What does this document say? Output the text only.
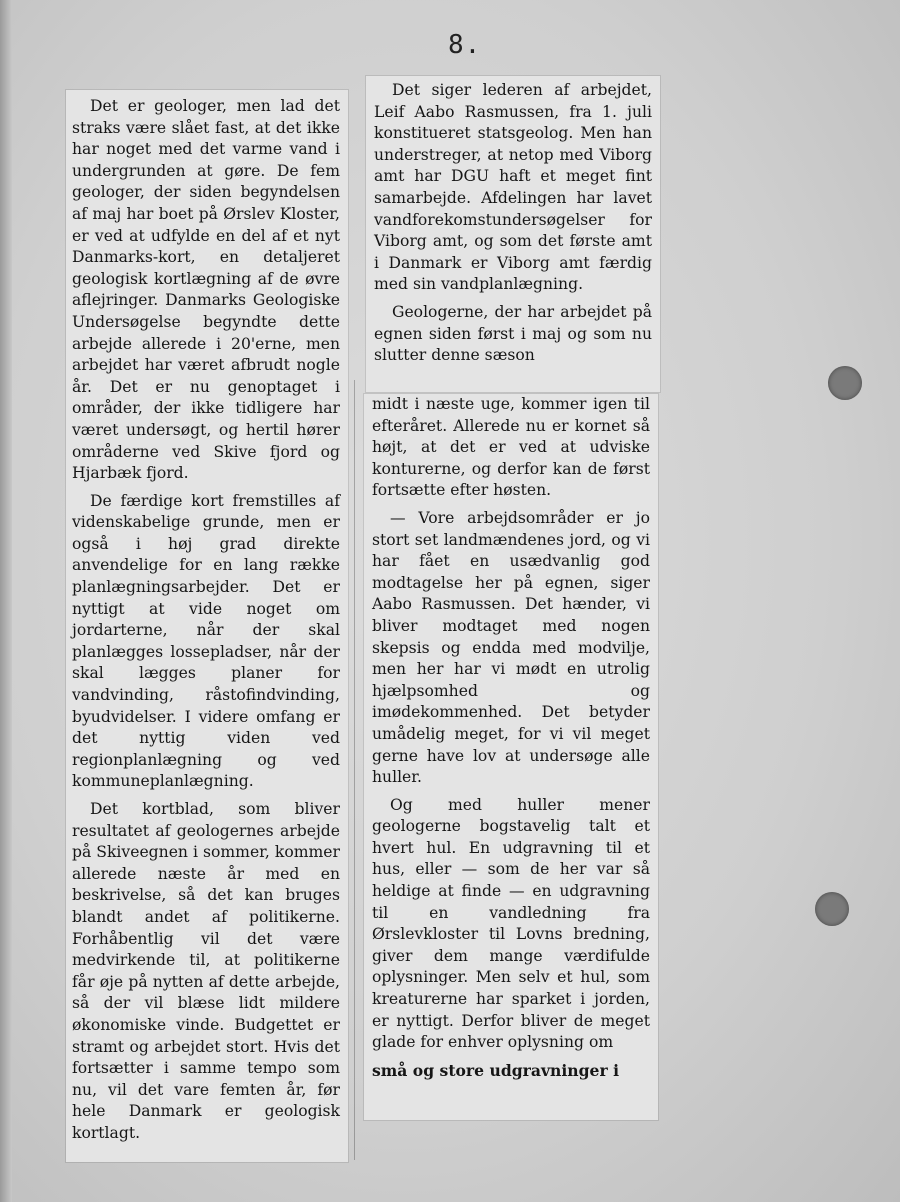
8.

Det er geologer, men lad det straks være slået fast, at det ikke har noget med det varme vand i undergrunden at gøre. De fem geologer, der siden begyndelsen af maj har boet på Ørslev Kloster, er ved at udfylde en del af et nyt Danmarks-kort, en detaljeret geologisk kortlægning af de øvre aflejringer. Danmarks Geologiske Undersøgelse begyndte dette arbejde allerede i 20'erne, men arbejdet har været afbrudt nogle år. Det er nu genoptaget i områder, der ikke tidligere har været undersøgt, og hertil hører områderne ved Skive fjord og Hjarbæk fjord.

De færdige kort fremstilles af videnskabelige grunde, men er også i høj grad direkte anvendelige for en lang række planlægningsarbejder. Det er nyttigt at vide noget om jordarterne, når der skal planlægges lossepladser, når der skal lægges planer for vandvinding, råstofindvinding, byudvidelser. I videre omfang er det nyttig viden ved regionplanlægning og ved kommuneplanlægning.

Det kortblad, som bliver resultatet af geologernes arbejde på Skiveegnen i sommer, kommer allerede næste år med en beskrivelse, så det kan bruges blandt andet af politikerne. Forhåbentlig vil det være medvirkende til, at politikerne får øje på nytten af dette arbejde, så der vil blæse lidt mildere økonomiske vinde. Budgettet er stramt og arbejdet stort. Hvis det fortsætter i samme tempo som nu, vil det vare femten år, før hele Danmark er geologisk kortlagt.

Det siger lederen af arbejdet, Leif Aabo Rasmussen, fra 1. juli konstitueret statsgeolog. Men han understreger, at netop med Viborg amt har DGU haft et meget fint samarbejde. Afdelingen har lavet vandforekomstundersøgelser for Viborg amt, og som det første amt i Danmark er Viborg amt færdig med sin vandplanlægning.

Geologerne, der har arbejdet på egnen siden først i maj og som nu slutter denne sæson

midt i næste uge, kommer igen til efteråret. Allerede nu er kornet så højt, at det er ved at udviske konturerne, og derfor kan de først fortsætte efter høsten.

— Vore arbejdsområder er jo stort set landmændenes jord, og vi har fået en usædvanlig god modtagelse her på egnen, siger Aabo Rasmussen. Det hænder, vi bliver modtaget med nogen skepsis og endda med modvilje, men her har vi mødt en utrolig hjælpsomhed og imødekommenhed. Det betyder umådelig meget, for vi vil meget gerne have lov at undersøge alle huller.

Og med huller mener geologerne bogstavelig talt et hvert hul. En udgravning til et hus, eller — som de her var så heldige at finde — en udgravning til en vandledning fra Ørslevkloster til Lovns bredning, giver dem mange værdifulde oplysninger. Men selv et hul, som kreaturerne har sparket i jorden, er nyttigt. Derfor bliver de meget glade for enhver oplysning om

små og store udgravninger i
